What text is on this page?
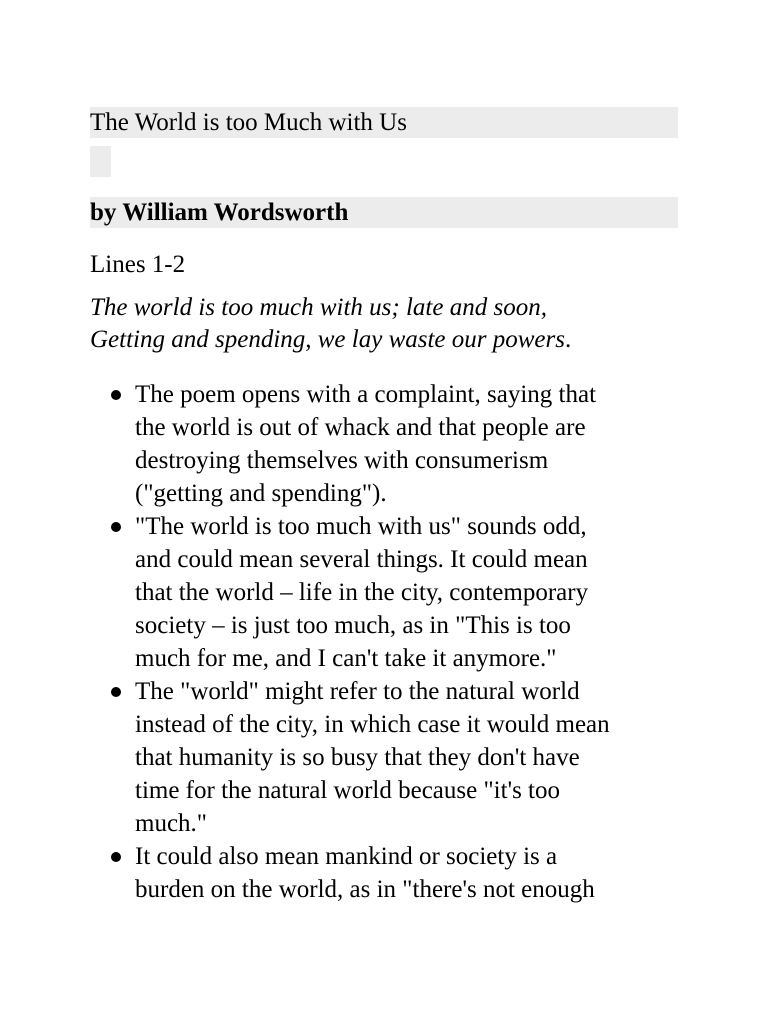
The World is too Much with Us
by William Wordsworth
Lines 1-2
The world is too much with us; late and soon,
Getting and spending, we lay waste our powers.
The poem opens with a complaint, saying that
the world is out of whack and that people are
destroying themselves with consumerism
("getting and spending").
"The world is too much with us" sounds odd,
and could mean several things. It could mean
that the world – life in the city, contemporary
society – is just too much, as in "This is too
much for me, and I can't take it anymore."
The "world" might refer to the natural world
instead of the city, in which case it would mean
that humanity is so busy that they don't have
time for the natural world because "it's too
much."
It could also mean mankind or society is a
burden on the world, as in "there's not enough
